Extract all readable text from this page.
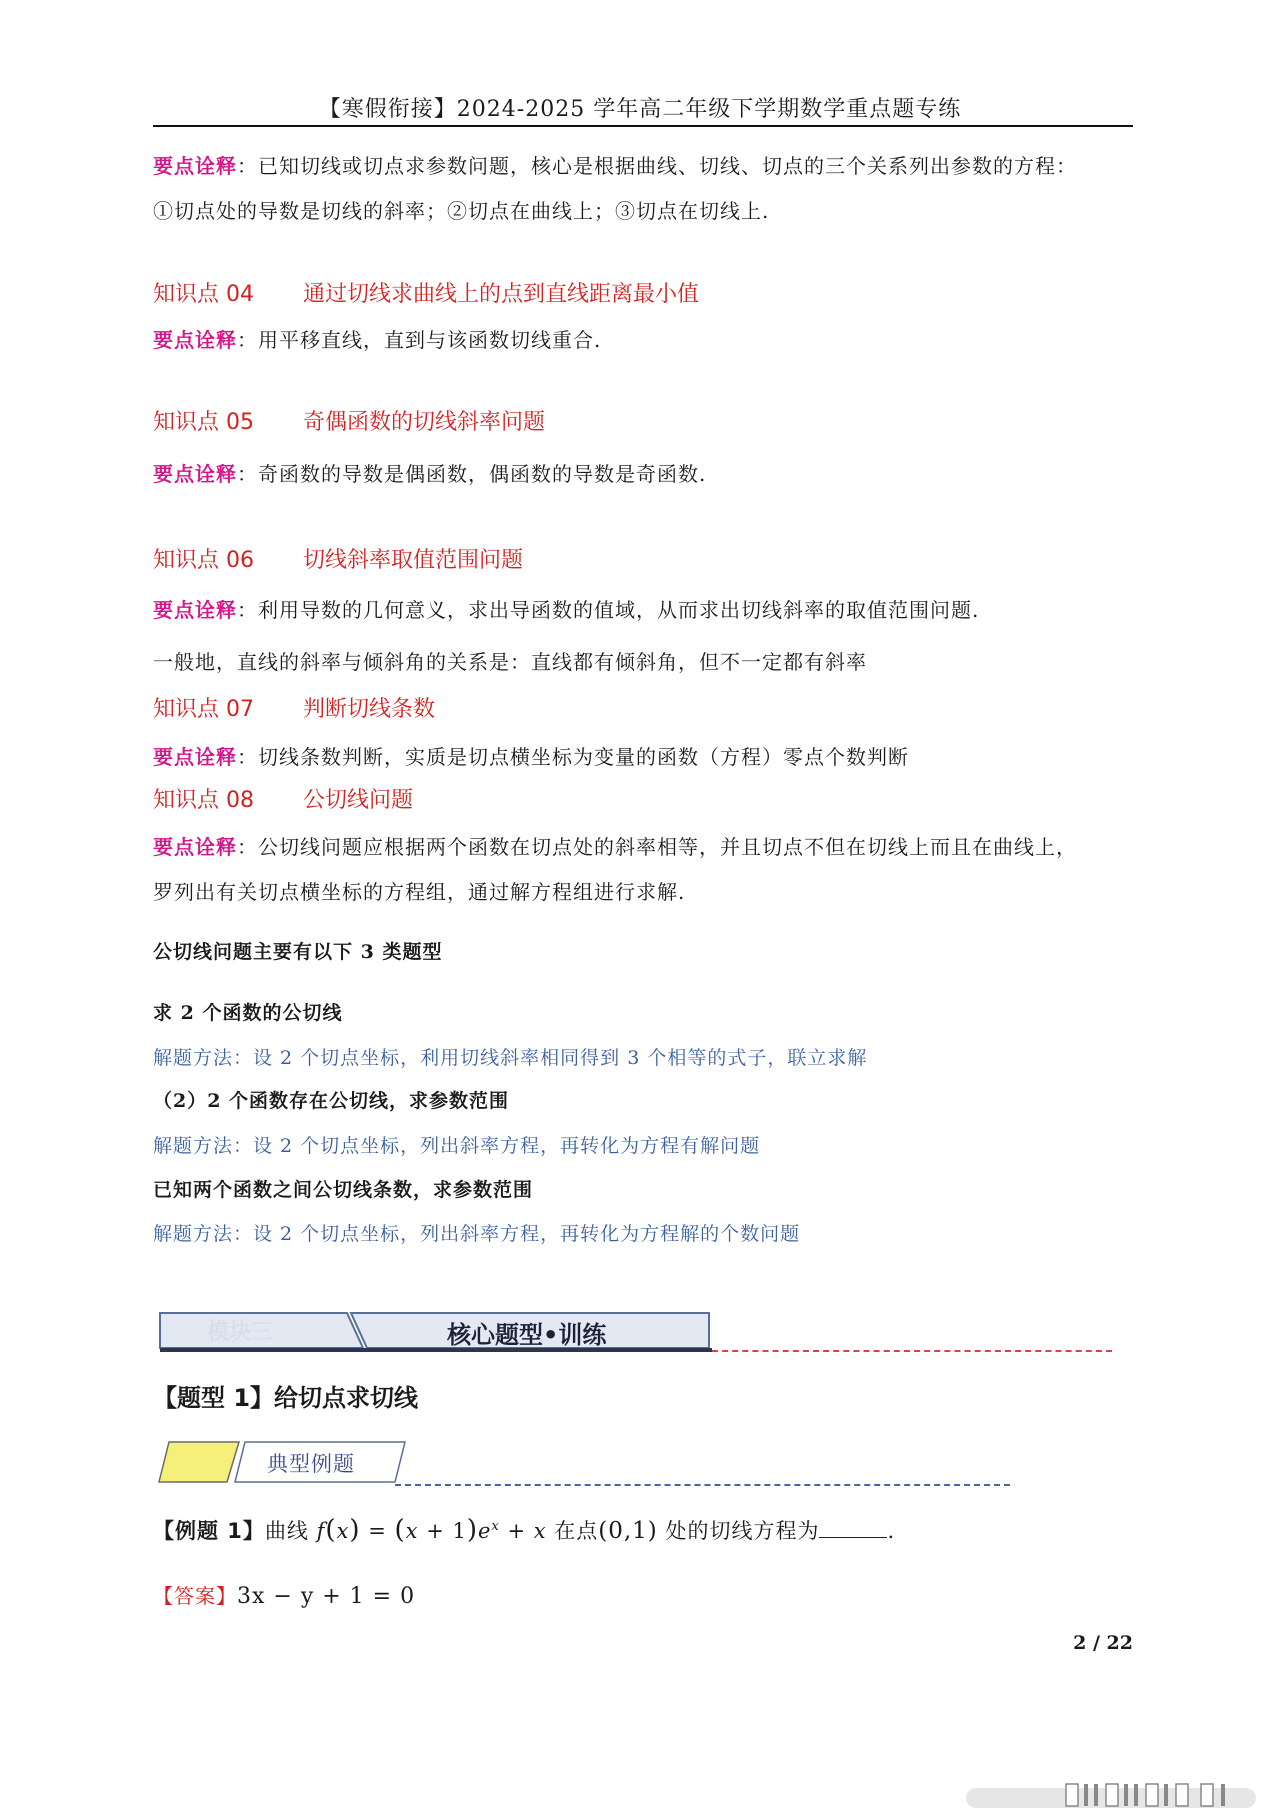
【寒假衔接】2024-2025 学年高二年级下学期数学重点题专练
要点诠释：已知切线或切点求参数问题，核心是根据曲线、切线、切点的三个关系列出参数的方程：
①切点处的导数是切线的斜率；②切点在曲线上；③切点在切线上.
知识点 04 通过切线求曲线上的点到直线距离最小值
要点诠释：用平移直线，直到与该函数切线重合.
知识点 05 奇偶函数的切线斜率问题
要点诠释：奇函数的导数是偶函数，偶函数的导数是奇函数.
知识点 06 切线斜率取值范围问题
要点诠释：利用导数的几何意义，求出导函数的值域，从而求出切线斜率的取值范围问题.
一般地，直线的斜率与倾斜角的关系是：直线都有倾斜角，但不一定都有斜率
知识点 07 判断切线条数
要点诠释：切线条数判断，实质是切点横坐标为变量的函数（方程）零点个数判断
知识点 08 公切线问题
要点诠释：公切线问题应根据两个函数在切点处的斜率相等，并且切点不但在切线上而且在曲线上，
罗列出有关切点横坐标的方程组，通过解方程组进行求解.
公切线问题主要有以下 3 类题型
求 2 个函数的公切线
解题方法：设 2 个切点坐标，利用切线斜率相同得到 3 个相等的式子，联立求解
（2）2 个函数存在公切线，求参数范围
解题方法：设 2 个切点坐标，列出斜率方程，再转化为方程有解问题
已知两个函数之间公切线条数，求参数范围
解题方法：设 2 个切点坐标，列出斜率方程，再转化为方程解的个数问题
模块三	核心题型•训练
【题型 1】给切点求切线
典型例题
【例题 1】曲线 $f(x) = (x + 1)e^x + x$ 在点(0,1) 处的切线方程为	.
【答案】3x − y + 1 = 0
2 / 22
